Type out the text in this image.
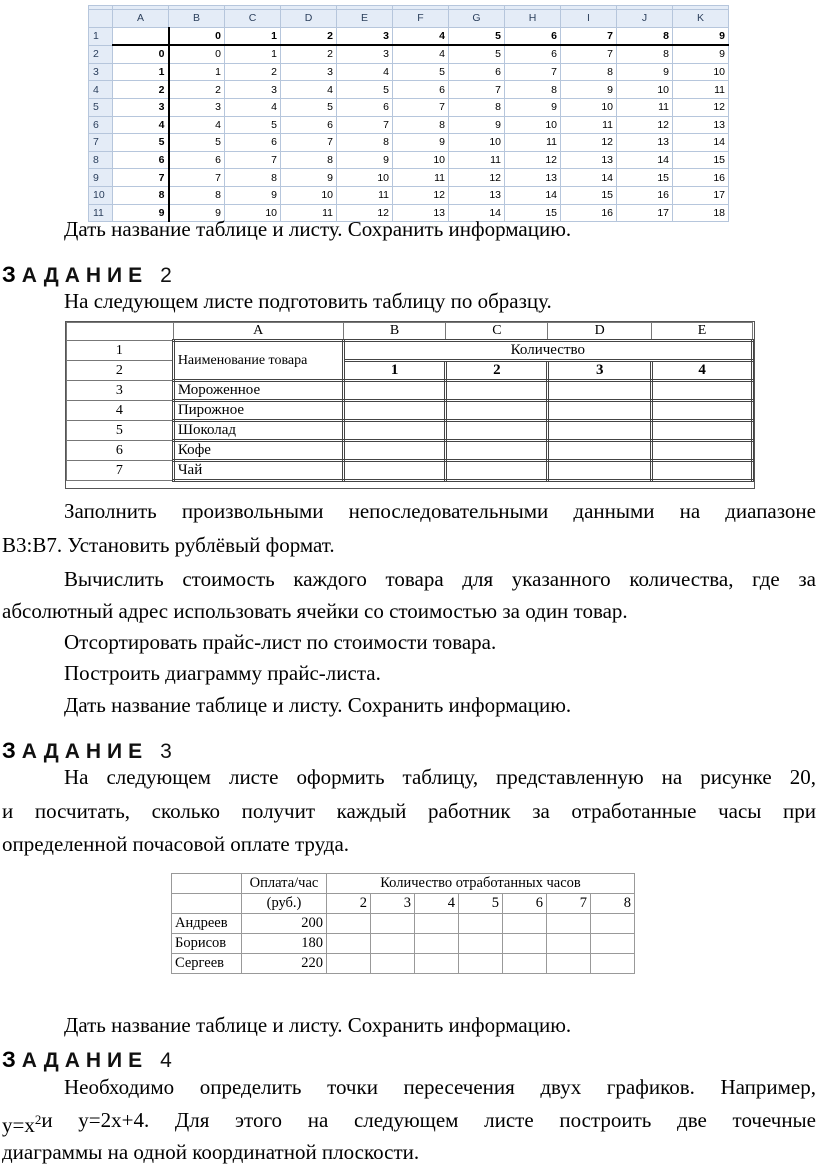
	A	B	C	D	E	F	G	H	I	J	K
1		0	1	2	3	4	5	6	7	8	9
2	0	0	1	2	3	4	5	6	7	8	9
3	1	1	2	3	4	5	6	7	8	9	10
4	2	2	3	4	5	6	7	8	9	10	11
5	3	3	4	5	6	7	8	9	10	11	12
6	4	4	5	6	7	8	9	10	11	12	13
7	5	5	6	7	8	9	10	11	12	13	14
8	6	6	7	8	9	10	11	12	13	14	15
9	7	7	8	9	10	11	12	13	14	15	16
10	8	8	9	10	11	12	13	14	15	16	17
11	9	9	10	11	12	13	14	15	16	17	18
Дать название таблице и листу. Сохранить информацию.
ЗАДАНИЕ 2
На следующем листе подготовить таблицу по образцу.
	A	B	C	D	E
1	Наименование товара	Количество			
2		1	2	3	4
3	Мороженное				
4	Пирожное				
5	Шоколад				
6	Кофе				
7	Чай				
Заполнить произвольными непоследовательными данными на диапазоне
B3:B7. Установить рублёвый формат.
Вычислить стоимость каждого товара для указанного количества, где за
абсолютный адрес использовать ячейки со стоимостью за один товар.
Отсортировать прайс-лист по стоимости товара.
Построить диаграмму прайс-листа.
Дать название таблице и листу. Сохранить информацию.
ЗАДАНИЕ 3
На следующем листе оформить таблицу, представленную на рисунке 20,
и посчитать, сколько получит каждый работник за отработанные часы при
определенной почасовой оплате труда.
	Оплата/час	Количество отработанных часов						
	(руб.)	2	3	4	5	6	7	8
Андреев	200							
Борисов	180							
Сергеев	220							
Дать название таблице и листу. Сохранить информацию.
ЗАДАНИЕ 4
Необходимо определить точки пересечения двух графиков. Например,
$y=x^2$ и y=2x+4. Для этого на следующем листе построить две точечные
диаграммы на одной координатной плоскости.
